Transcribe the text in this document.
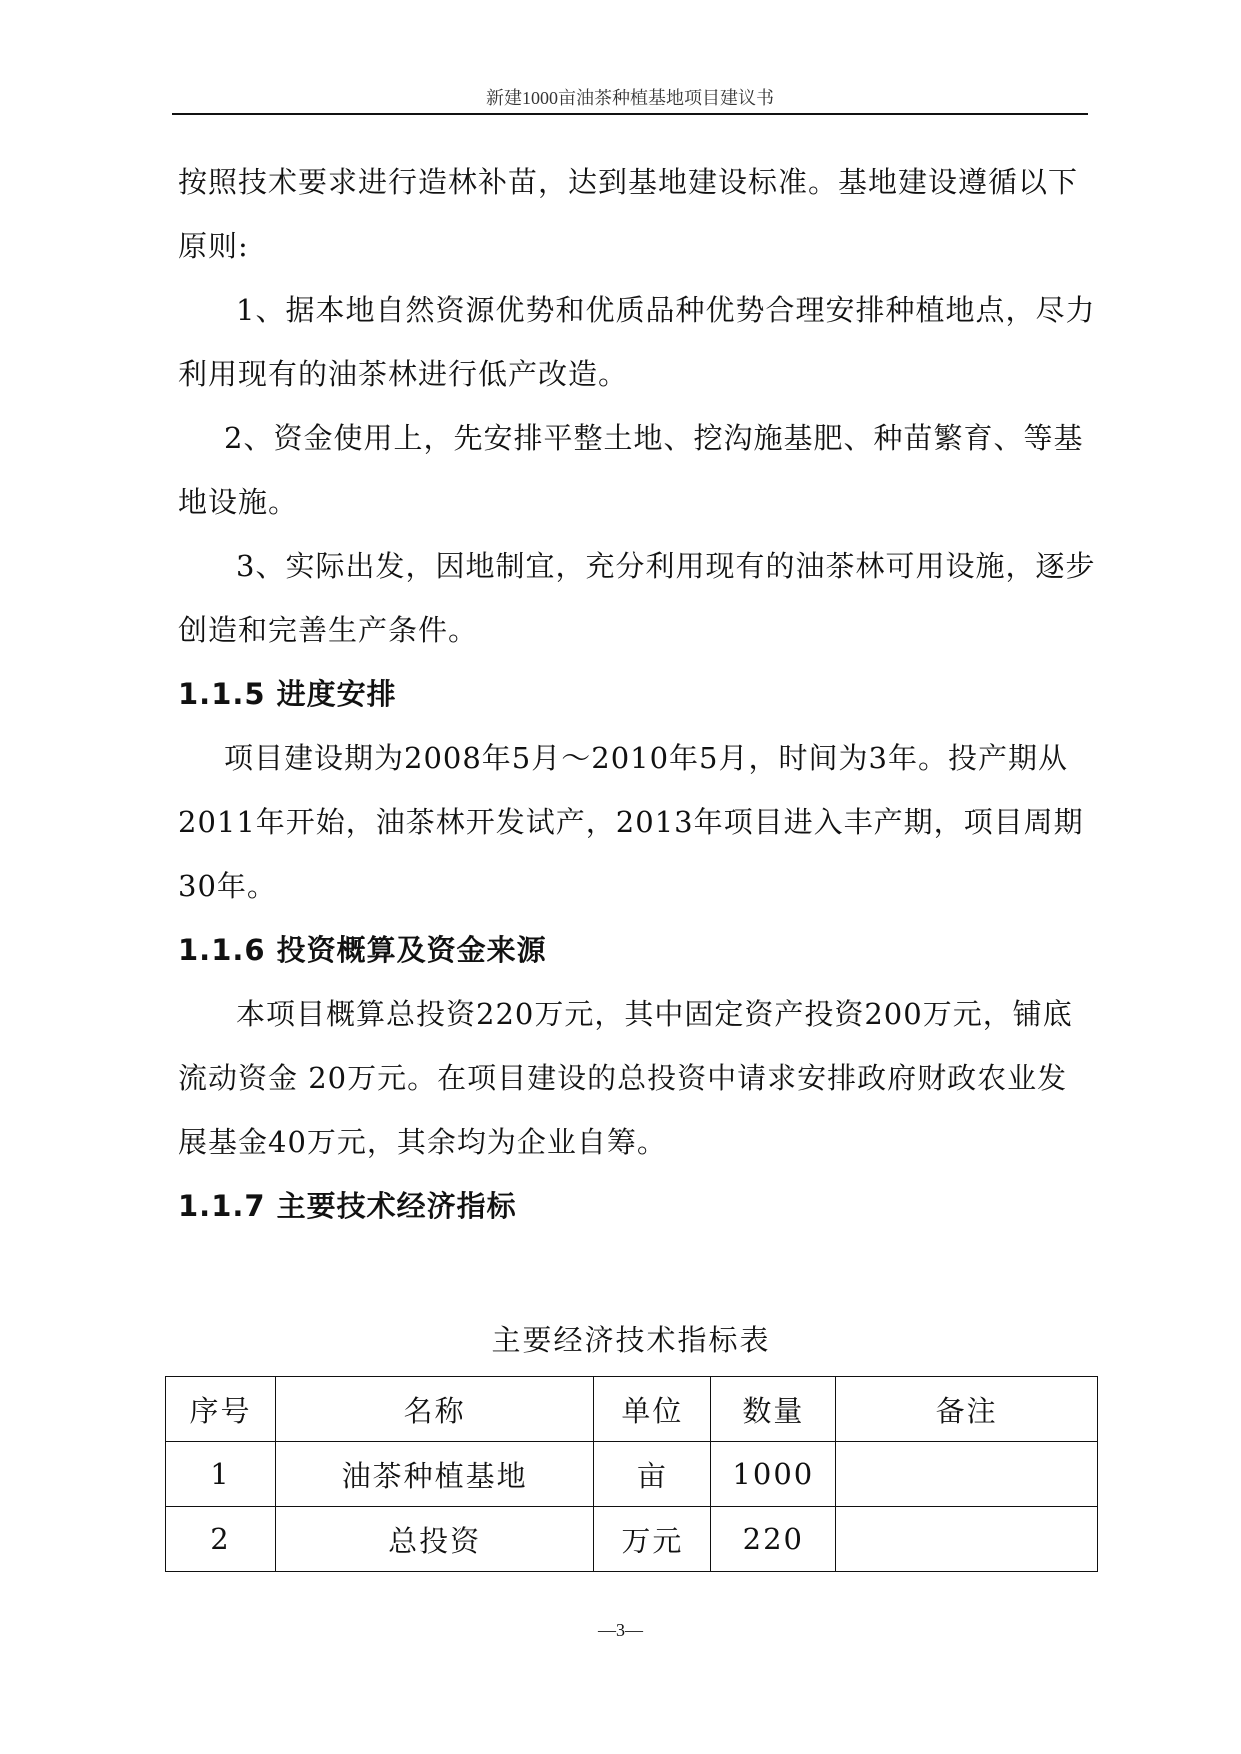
新建1000亩油茶种植基地项目建议书

按照技术要求进行造林补苗，达到基地建设标准。基地建设遵循以下原则:

1、据本地自然资源优势和优质品种优势合理安排种植地点，尽力利用现有的油茶林进行低产改造。

2、资金使用上，先安排平整土地、挖沟施基肥、种苗繁育、等基地设施。

3、实际出发，因地制宜，充分利用现有的油茶林可用设施，逐步创造和完善生产条件。

1.1.5 进度安排

项目建设期为2008年5月～2010年5月，时间为3年。投产期从2011年开始，油茶林开发试产，2013年项目进入丰产期，项目周期30年。

1.1.6 投资概算及资金来源

本项目概算总投资220万元，其中固定资产投资200万元，铺底流动资金 20万元。在项目建设的总投资中请求安排政府财政农业发展基金40万元，其余均为企业自筹。

1.1.7 主要技术经济指标

主要经济技术指标表
序号	名称	单位	数量	备注
1	油茶种植基地	亩	1000	
2	总投资	万元	220	
—3—
